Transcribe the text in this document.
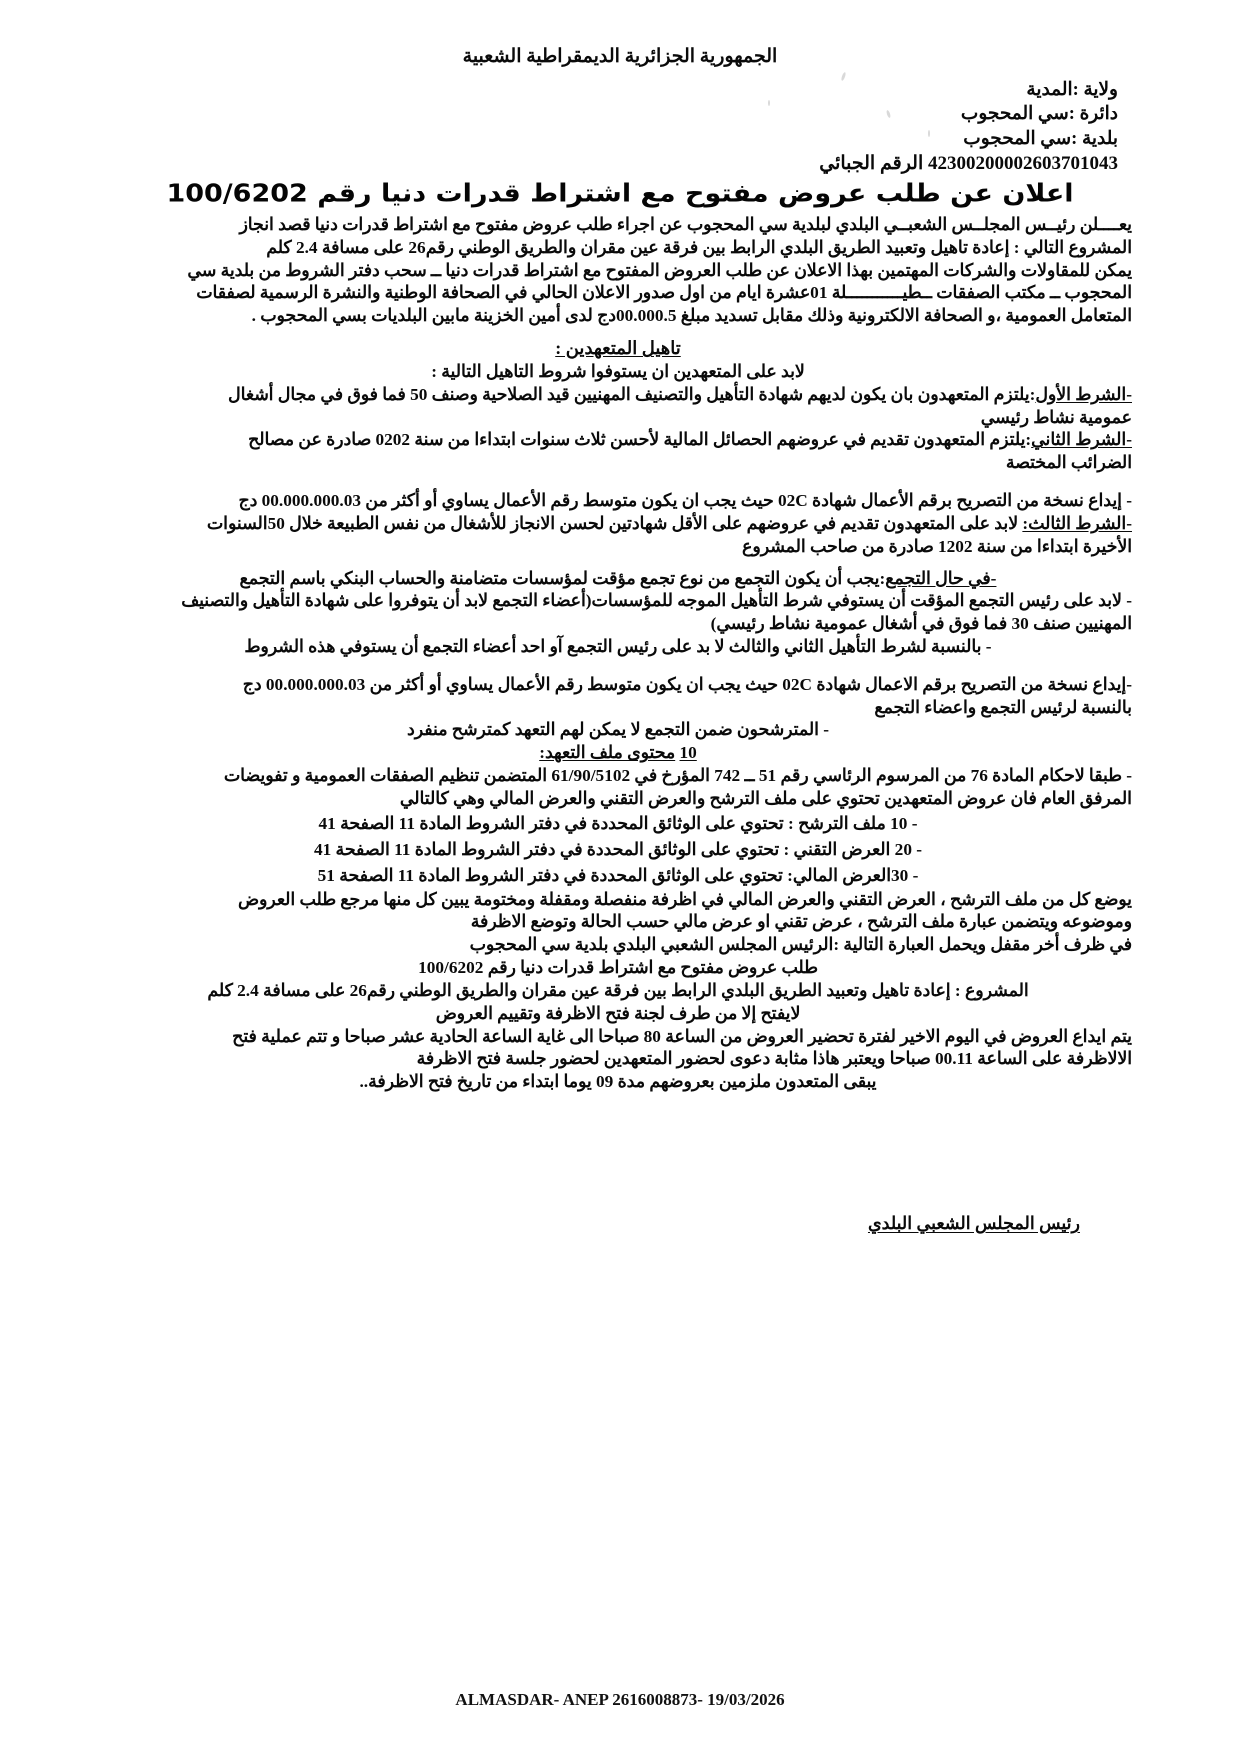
الجمهورية الجزائرية الديمقراطية الشعبية
ولاية :المدية
دائرة :سي المحجوب
بلدية :سي المحجوب
42300200002603701043 الرقم الجبائي
اعلان عن طلب عروض مفتوح مع اشتراط قدرات دنيا رقم 2026/001

يعــــلن رئيــس المجلــس الشعبــي البلدي لبلدية سي المحجوب عن اجراء طلب عروض مفتوح مع اشتراط قدرات دنيا قصد انجاز

المشروع التالي : إعادة تاهيل وتعبيد الطريق البلدي الرابط بين فرقة عين مقران والطريق الوطني رقم62 على مسافة 4.2 كلم

يمكن للمقاولات والشركات المهتمين بهذا الاعلان عن طلب العروض المفتوح مع اشتراط قدرات دنيا ــ سحب دفتر الشروط من بلدية سي

المحجوب ــ مكتب الصفقات ــطيـــــــــــلة 10عشرة ايام من اول صدور الاعلان الحالي في الصحافة الوطنية والنشرة الرسمية لصفقات

المتعامل العمومية ،و الصحافة الالكترونية وذلك مقابل تسديد مبلغ 5.000.00دج لدى أمين الخزينة مابين البلديات بسي المحجوب .

تاهيل المتعهدين :

لابد على المتعهدين ان يستوفوا شروط التاهيل التالية :

-الشرط الأول:يلتزم المتعهدون بان يكون لديهم شهادة التأهيل والتصنيف المهنيين قيد الصلاحية وصنف 05 فما فوق في مجال أشغال

عمومية نشاط رئيسي

-الشرط الثاني:يلتزم المتعهدون تقديم في عروضهم الحصائل المالية لأحسن ثلاث سنوات ابتداءا من سنة 2020 صادرة عن مصالح

الضرائب المختصة

- إيداع نسخة من التصريح برقم الأعمال شهادة C20 حيث يجب ان يكون متوسط رقم الأعمال يساوي أو أكثر من 30.000.000.00 دج

-الشرط الثالث: لابد على المتعهدون تقديم في عروضهم على الأقل شهادتين لحسن الانجاز للأشغال من نفس الطبيعة خلال 05السنوات

الأخيرة ابتداءا من سنة 2021 صادرة من صاحب المشروع

-في حال التجمع:يجب أن يكون التجمع من نوع تجمع مؤقت لمؤسسات متضامنة والحساب البنكي باسم التجمع

- لابد على رئيس التجمع المؤقت أن يستوفي شرط التأهيل الموجه للمؤسسات(أعضاء التجمع لابد أن يتوفروا على شهادة التأهيل والتصنيف

المهنيين صنف 03 فما فوق في أشغال عمومية نشاط رئيسي)

- بالنسبة لشرط التأهيل الثاني والثالث لا بد على رئيس التجمع آو احد أعضاء التجمع أن يستوفي هذه الشروط

-إيداع نسخة من التصريح برقم الاعمال شهادة C20 حيث يجب ان يكون متوسط رقم الأعمال يساوي أو أكثر من 30.000.000.00 دج

بالنسبة لرئيس التجمع واعضاء التجمع

- المترشحون ضمن التجمع لا يمكن لهم التعهد كمترشح منفرد

01 محتوى ملف التعهد:

- طبقا لاحكام المادة 67 من المرسوم الرئاسي رقم 15 ــ 247 المؤرخ في 2015/09/16 المتضمن تنظيم الصفقات العمومية و تفويضات

المرفق العام فان عروض المتعهدين تحتوي على ملف الترشح والعرض التقني والعرض المالي وهي كالتالي

- 01 ملف الترشح : تحتوي على الوثائق المحددة في دفتر الشروط المادة 11 الصفحة 14

- 02 العرض التقني : تحتوي على الوثائق المحددة في دفتر الشروط المادة 11 الصفحة 14

- 03العرض المالي: تحتوي على الوثائق المحددة في دفتر الشروط المادة 11 الصفحة 15

يوضع كل من ملف الترشح ، العرض التقني والعرض المالي في اظرفة منفصلة ومقفلة ومختومة يبين كل منها مرجع طلب العروض

وموضوعه ويتضمن عبارة ملف الترشح ، عرض تقني او عرض مالي حسب الحالة وتوضع الاظرفة

في ظرف أخر مقفل ويحمل العبارة التالية :الرئيس المجلس الشعبي البلدي بلدية سي المحجوب

طلب عروض مفتوح مع اشتراط قدرات دنيا رقم 2026/001

المشروع : إعادة تاهيل وتعبيد الطريق البلدي الرابط بين فرقة عين مقران والطريق الوطني رقم62 على مسافة 4.2 كلم

لايفتح إلا من طرف لجنة فتح الاظرفة وتقييم العروض

يتم ايداع العروض في اليوم الاخير لفترة تحضير العروض من الساعة 08 صباحا الى غاية الساعة الحادية عشر صباحا و تتم عملية فتح

الالاظرفة على الساعة 11.00 صباحا ويعتبر هاذا مثابة دعوى لحضور المتعهدين لحضور جلسة فتح الاظرفة

يبقى المتعدون ملزمين بعروضهم مدة 90 يوما ابتداء من تاريخ فتح الاظرفة..

رئيس المجلس الشعبي البلدي
ALMASDAR- ANEP 2616008873- 19/03/2026
